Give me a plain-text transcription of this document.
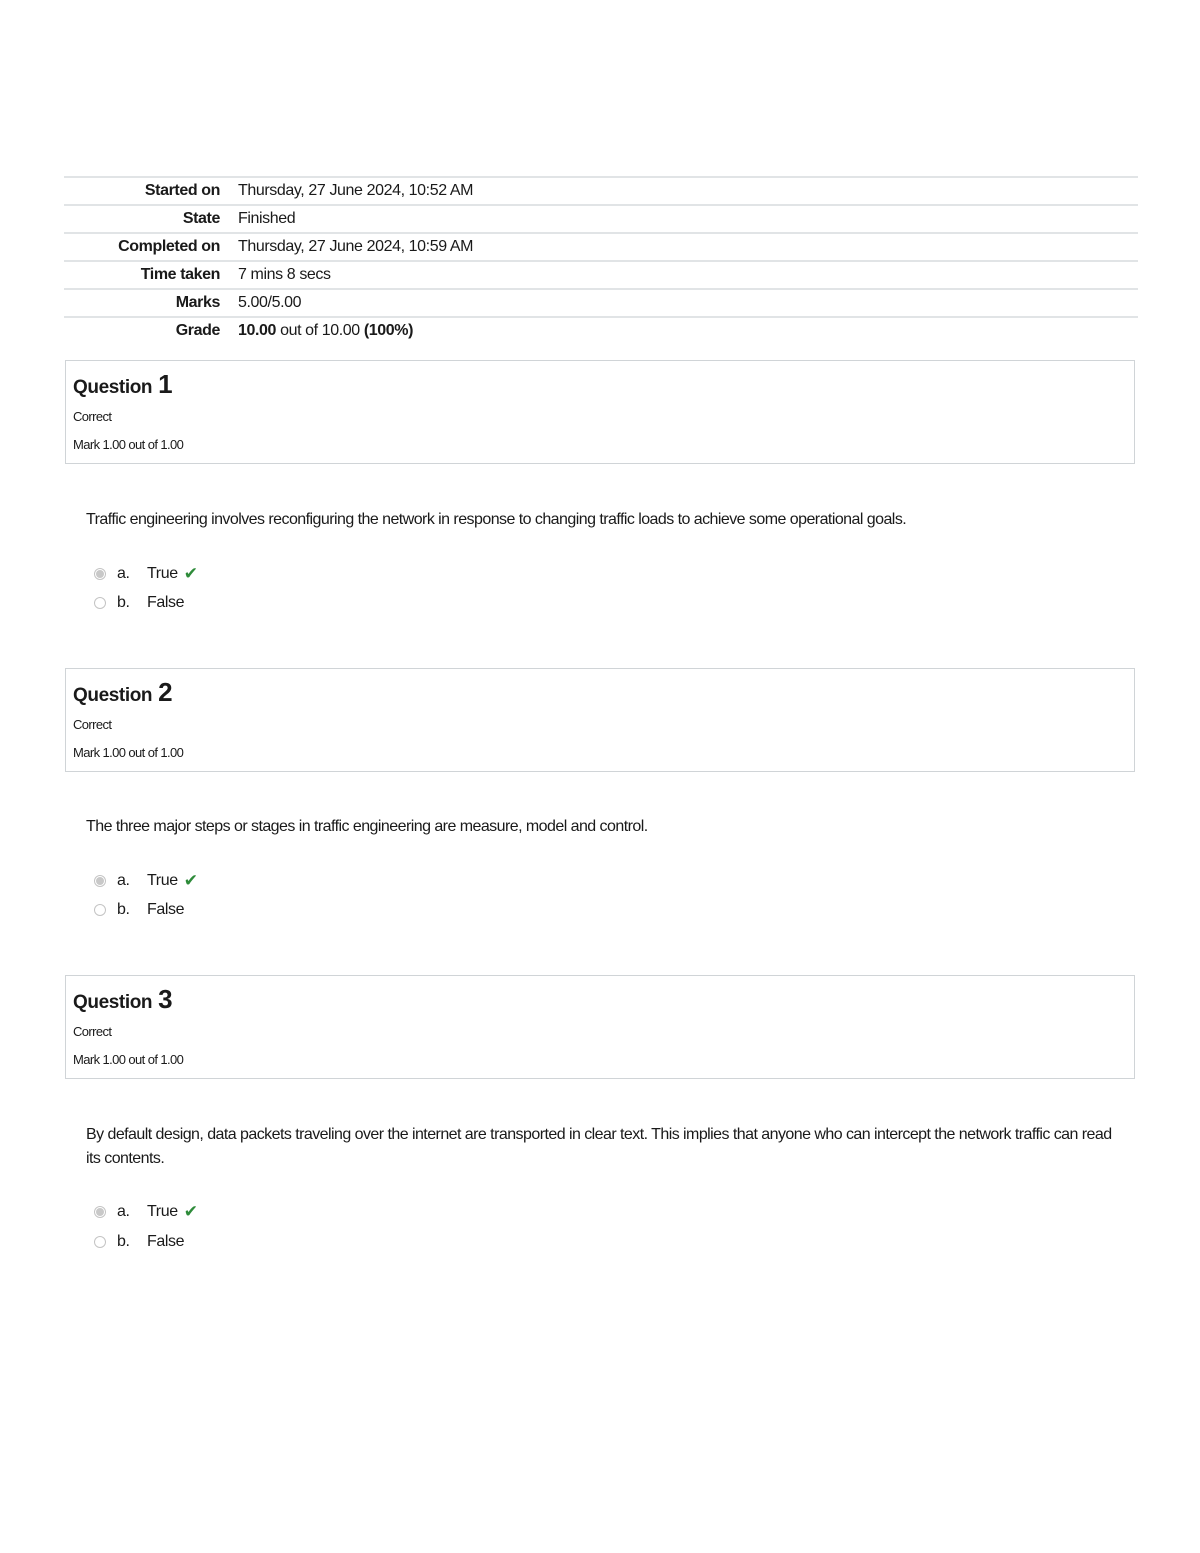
Started on	Thursday, 27 June 2024, 10:52 AM
State	Finished
Completed on	Thursday, 27 June 2024, 10:59 AM
Time taken	7 mins 8 secs
Marks	5.00/5.00
Grade	10.00 out of 10.00 (100%)
Question 1
Correct
Mark 1.00 out of 1.00
Traffic engineering involves reconfiguring the network in response to changing traffic loads to achieve some operational goals.
a.	True ✔
b.	False
Question 2
Correct
Mark 1.00 out of 1.00
The three major steps or stages in traffic engineering are measure, model and control.
a.	True ✔
b.	False
Question 3
Correct
Mark 1.00 out of 1.00
By default design, data packets traveling over the internet are transported in clear text. This implies that anyone who can intercept the network traffic can read its contents.
a.	True ✔
b.	False
